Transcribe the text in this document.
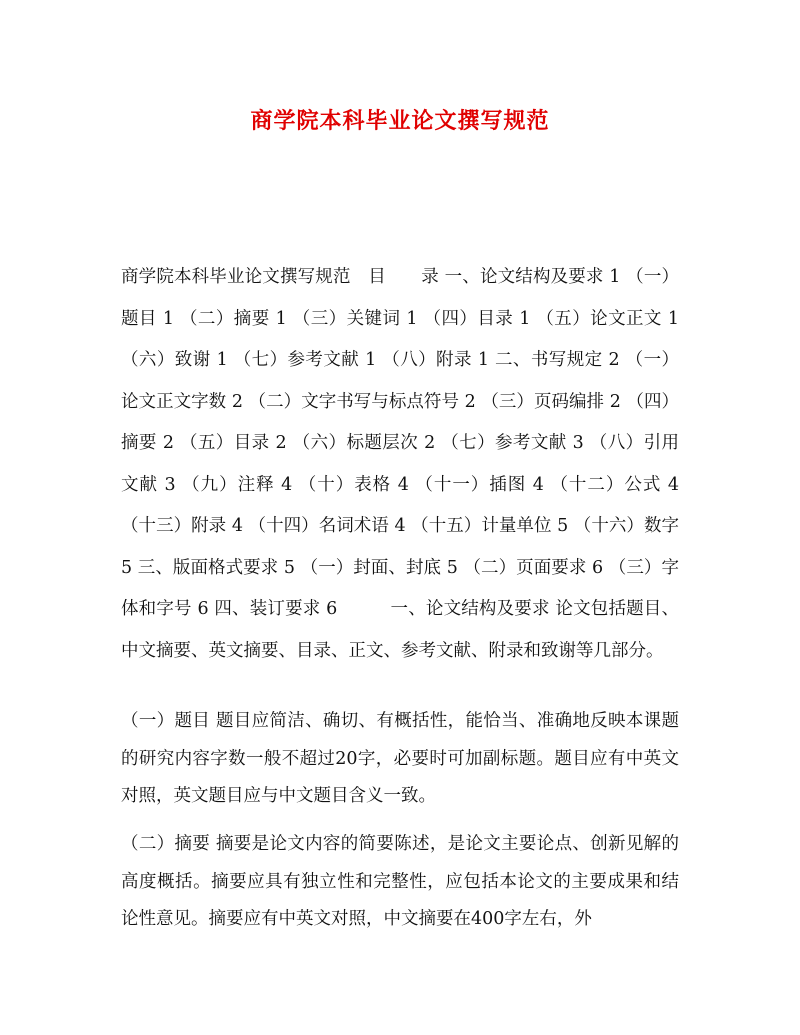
商学院本科毕业论文撰写规范

商学院本科毕业论文撰写规范　目　　录 一、论文结构及要求 1 （一）题目 1 （二）摘要 1 （三）关键词 1 （四）目录 1 （五）论文正文 1 （六）致谢 1 （七）参考文献 1 （八）附录 1 二、书写规定 2 （一）论文正文字数 2 （二）文字书写与标点符号 2 （三）页码编排 2 （四）摘要 2 （五）目录 2 （六）标题层次 2 （七）参考文献 3 （八）引用文献 3 （九）注释 4 （十）表格 4 （十一）插图 4 （十二）公式 4 （十三）附录 4 （十四）名词术语 4 （十五）计量单位 5 （十六）数字 5 三、版面格式要求 5 （一）封面、封底 5 （二）页面要求 6 （三）字体和字号 6 四、装订要求 6　　　一、论文结构及要求 论文包括题目、中文摘要、英文摘要、目录、正文、参考文献、附录和致谢等几部分。

（一）题目 题目应简洁、确切、有概括性，能恰当、准确地反映本课题的研究内容字数一般不超过20字，必要时可加副标题。题目应有中英文对照，英文题目应与中文题目含义一致。

（二）摘要 摘要是论文内容的简要陈述，是论文主要论点、创新见解的高度概括。摘要应具有独立性和完整性，应包括本论文的主要成果和结论性意见。摘要应有中英文对照，中文摘要在400字左右，外
